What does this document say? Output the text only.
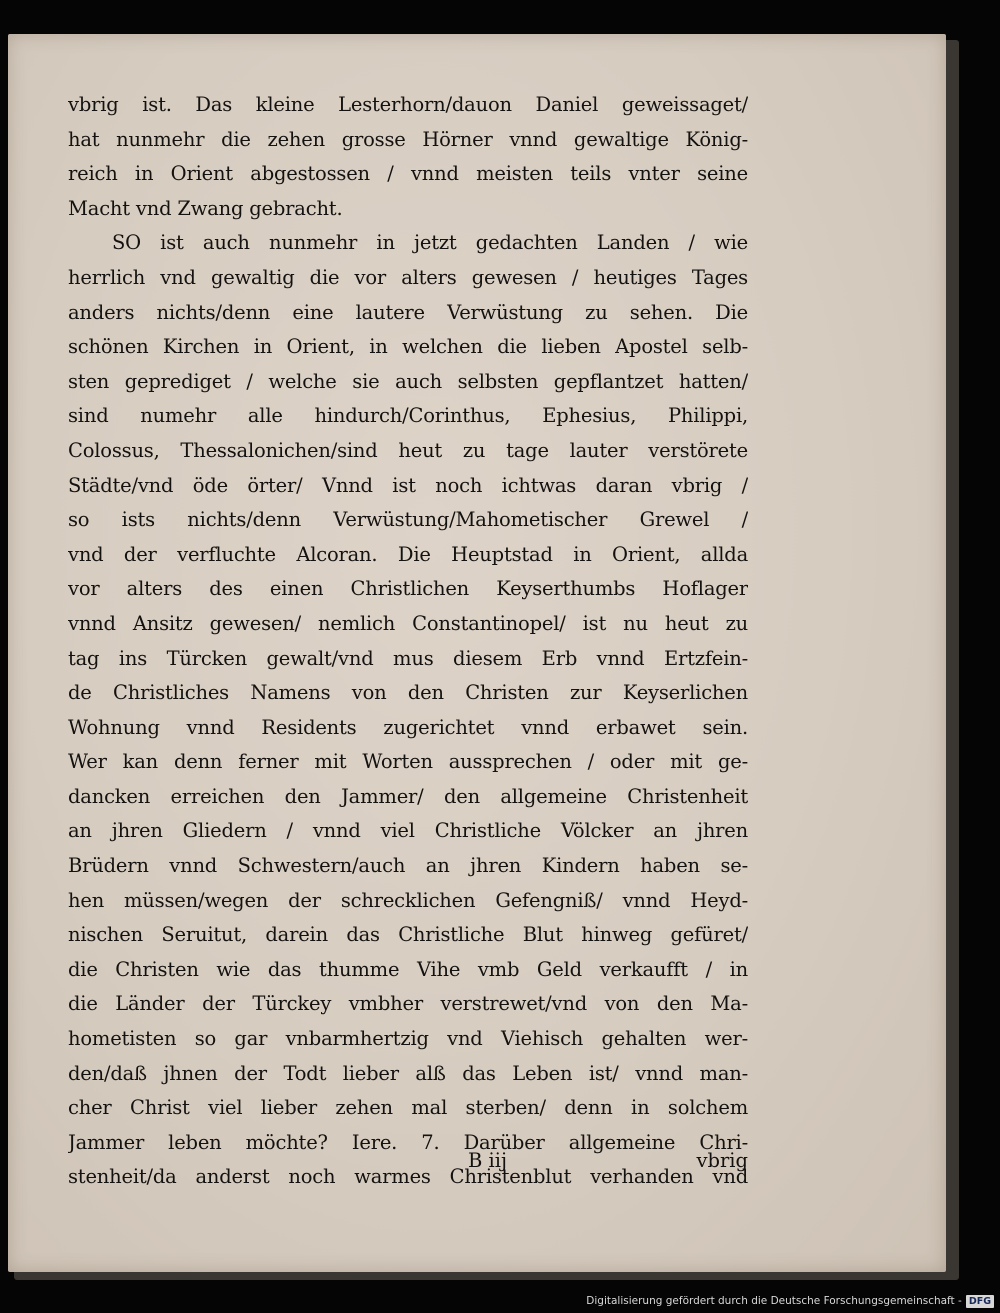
vbrig ist. Das kleine Lesterhorn/dauon Daniel geweissaget/
hat nunmehr die zehen grosse Hörner vnnd gewaltige König-
reich in Orient abgestossen / vnnd meisten teils vnter seine
Macht vnd Zwang gebracht.
SO ist auch nunmehr in jetzt gedachten Landen / wie
herrlich vnd gewaltig die vor alters gewesen / heutiges Tages
anders nichts/denn eine lautere Verwüstung zu sehen. Die
schönen Kirchen in Orient, in welchen die lieben Apostel selb-
sten geprediget / welche sie auch selbsten gepflantzet hatten/
sind numehr alle hindurch/Corinthus, Ephesius, Philippi,
Colossus, Thessalonichen/sind heut zu tage lauter verstörete
Städte/vnd öde örter/ Vnnd ist noch ichtwas daran vbrig /
so ists nichts/denn Verwüstung/Mahometischer Grewel /
vnd der verfluchte Alcoran. Die Heuptstad in Orient, allda
vor alters des einen Christlichen Keyserthumbs Hoflager
vnnd Ansitz gewesen/ nemlich Constantinopel/ ist nu heut zu
tag ins Türcken gewalt/vnd mus diesem Erb vnnd Ertzfein-
de Christliches Namens von den Christen zur Keyserlichen
Wohnung vnnd Residents zugerichtet vnnd erbawet sein.
Wer kan denn ferner mit Worten aussprechen / oder mit ge-
dancken erreichen den Jammer/ den allgemeine Christenheit
an jhren Gliedern / vnnd viel Christliche Völcker an jhren
Brüdern vnnd Schwestern/auch an jhren Kindern haben se-
hen müssen/wegen der schrecklichen Gefengniß/ vnnd Heyd-
nischen Seruitut, darein das Christliche Blut hinweg gefüret/
die Christen wie das thumme Vihe vmb Geld verkaufft / in
die Länder der Türckey vmbher verstrewet/vnd von den Ma-
hometisten so gar vnbarmhertzig vnd Viehisch gehalten wer-
den/daß jhnen der Todt lieber alß das Leben ist/ vnnd man-
cher Christ viel lieber zehen mal sterben/ denn in solchem
Jammer leben möchte? Iere. 7. Darüber allgemeine Chri-
stenheit/da anderst noch warmes Christenblut verhanden vnd
B iij	vbrig
Digitalisierung gefördert durch die Deutsche Forschungsgemeinschaft - DFG
